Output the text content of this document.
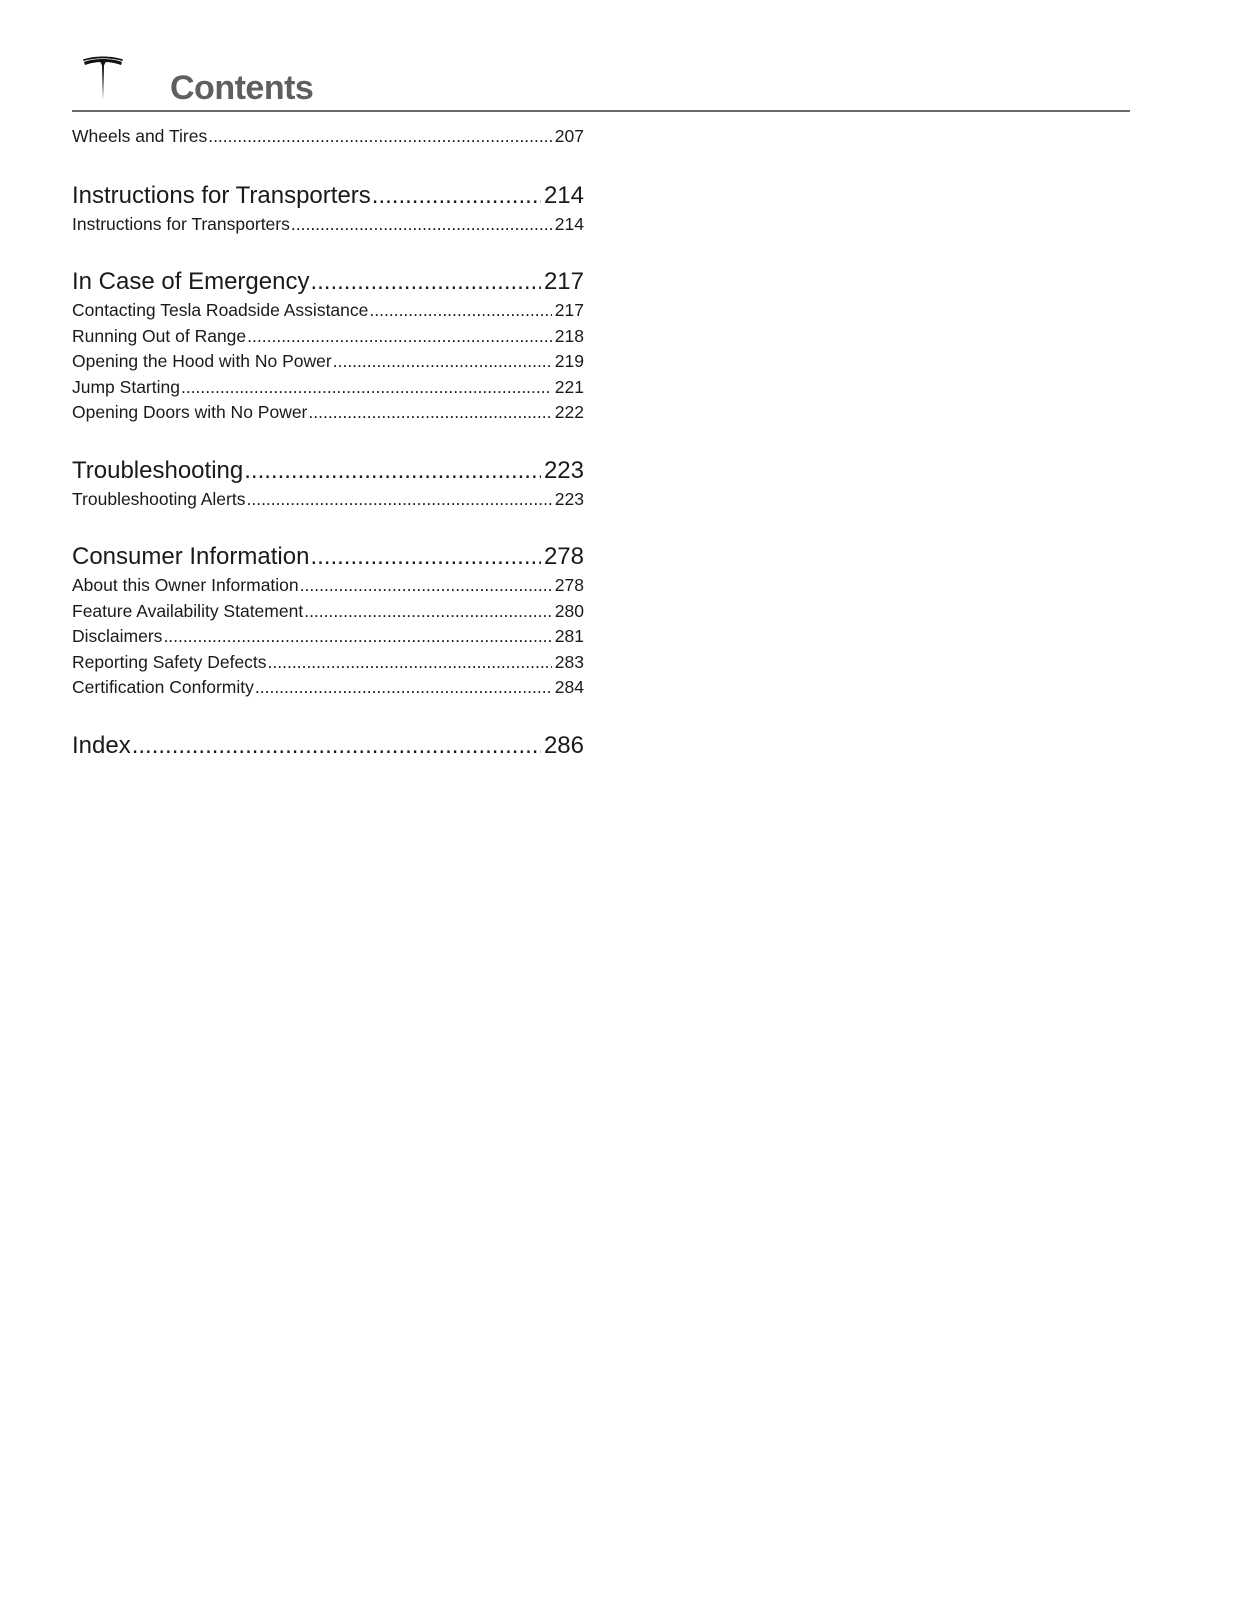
Contents
Wheels and Tires .....	207
Instructions for Transporters .....	214
Instructions for Transporters .....	214
In Case of Emergency .....	217
Contacting Tesla Roadside Assistance .....	217
Running Out of Range .....	218
Opening the Hood with No Power .....	219
Jump Starting .....	221
Opening Doors with No Power .....	222
Troubleshooting .....	223
Troubleshooting Alerts .....	223
Consumer Information .....	278
About this Owner Information .....	278
Feature Availability Statement .....	280
Disclaimers .....	281
Reporting Safety Defects .....	283
Certification Conformity .....	284
Index .....	286
